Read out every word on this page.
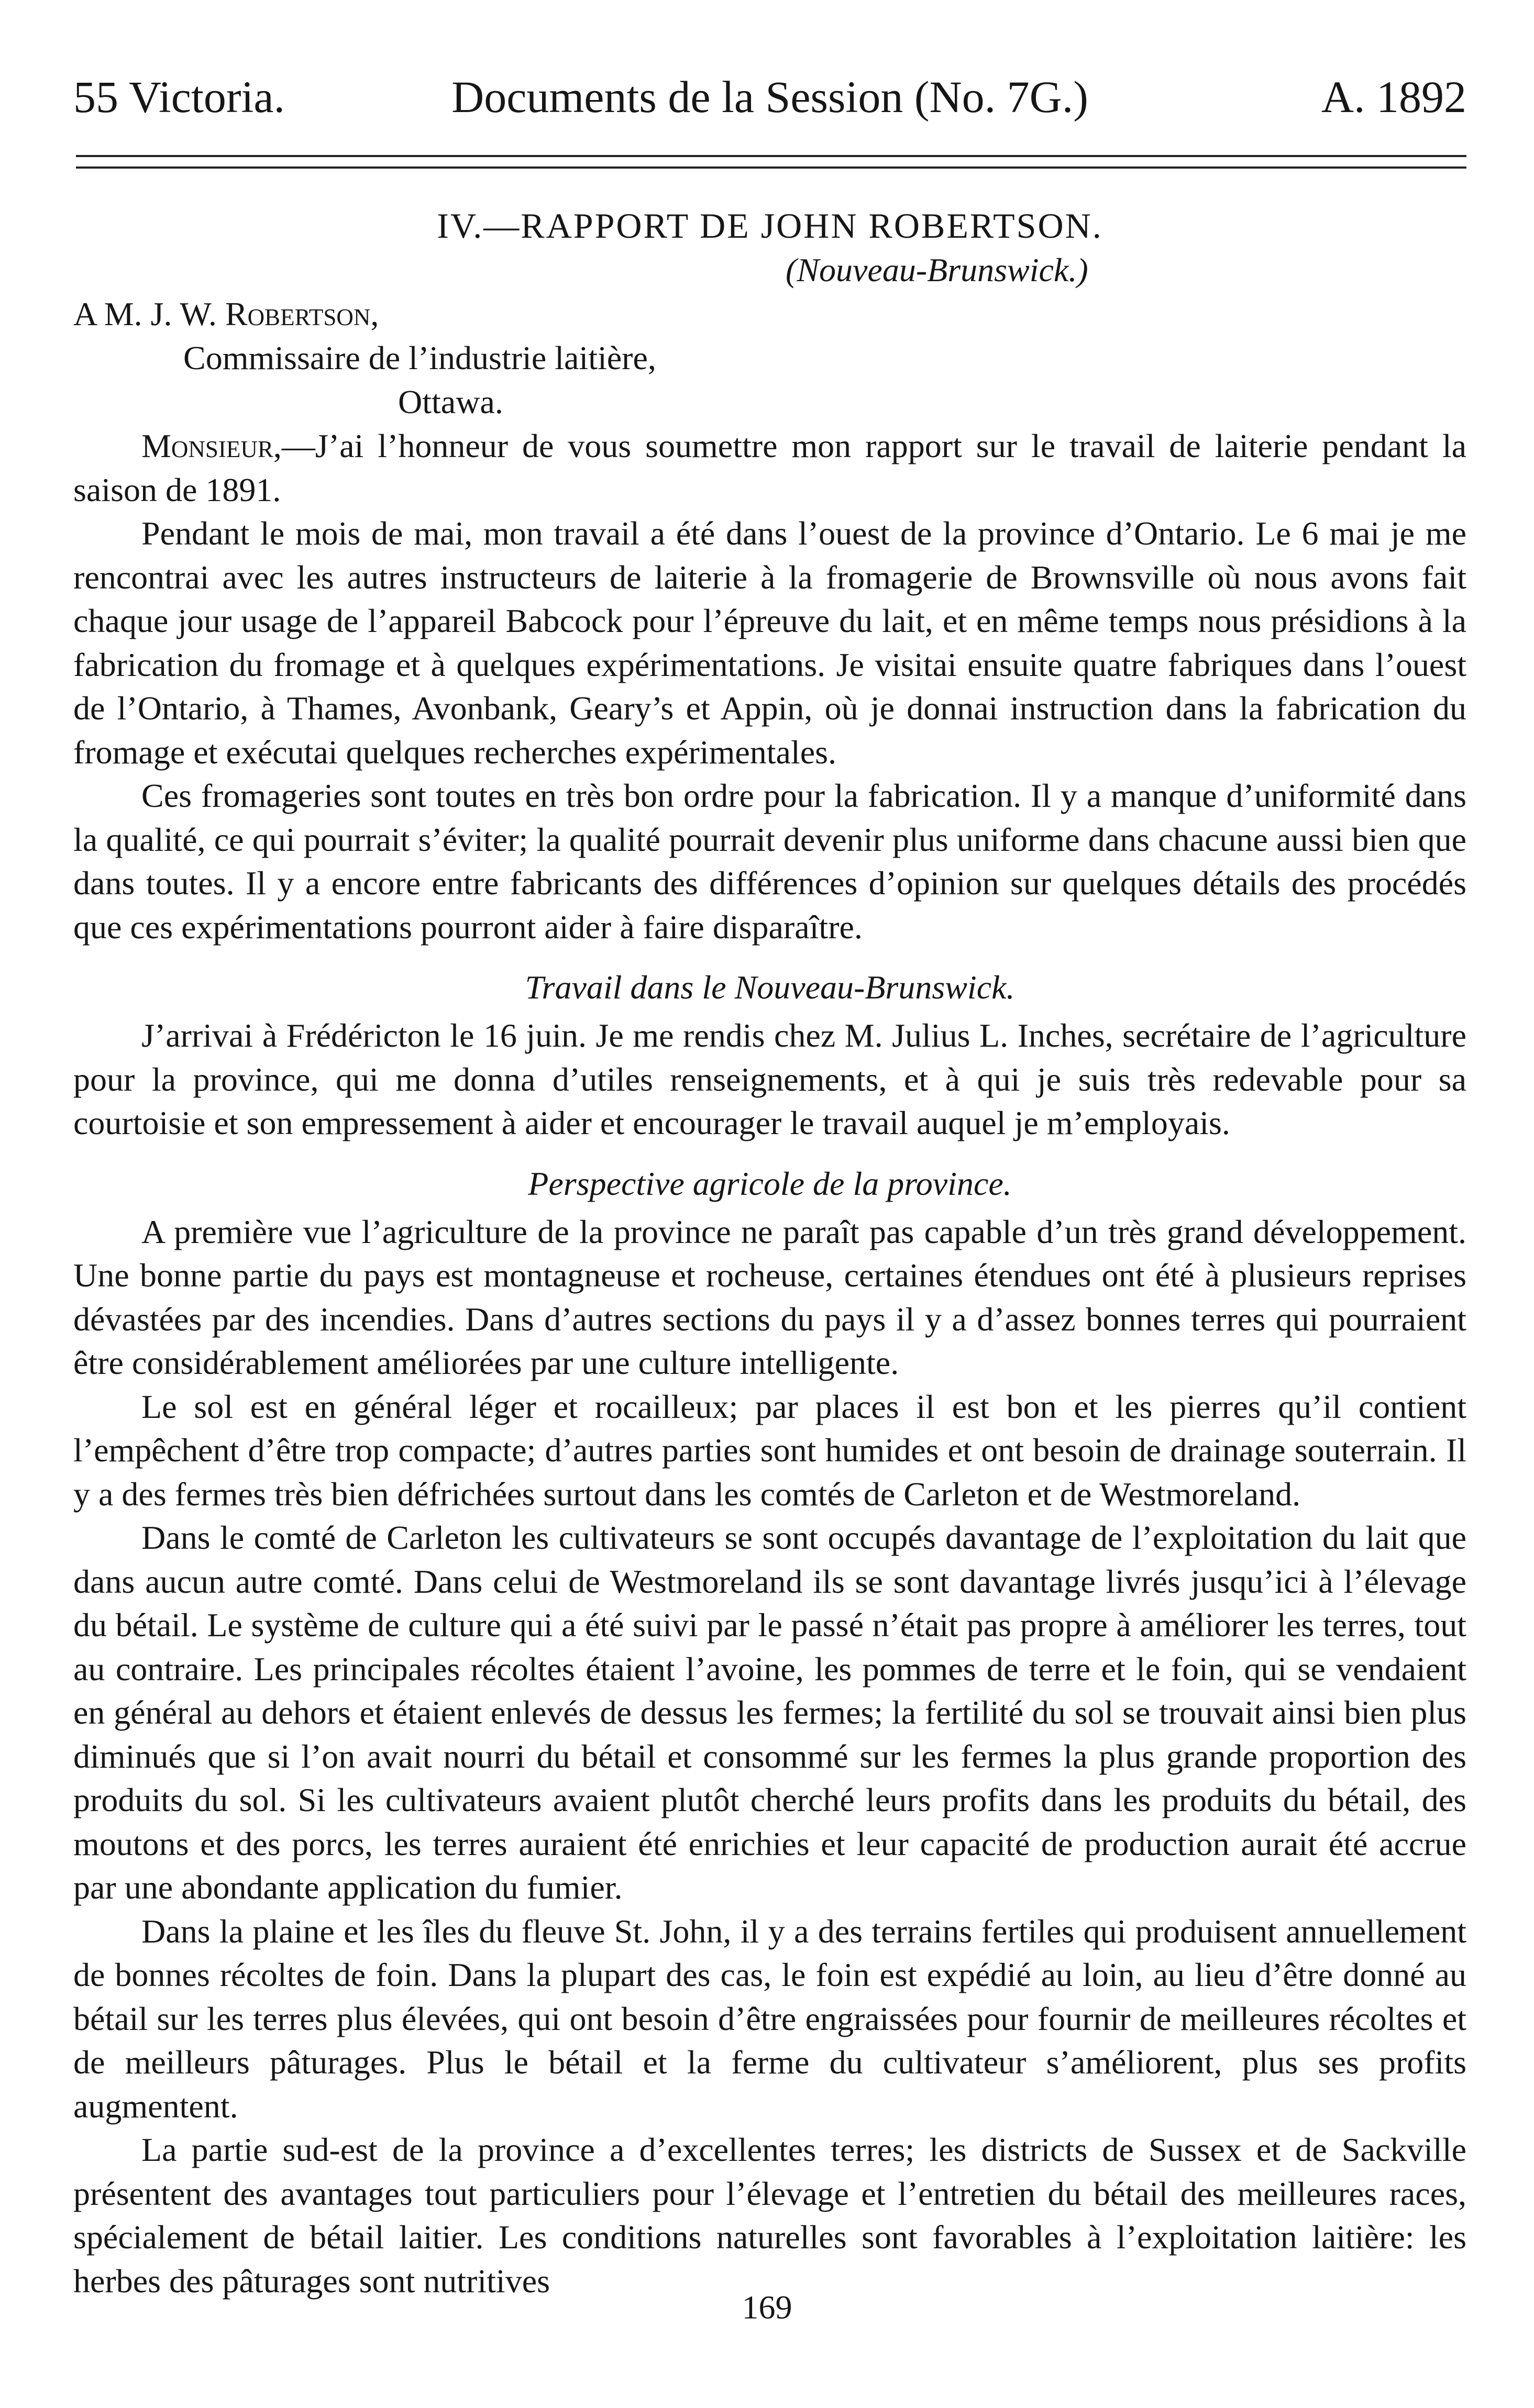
55 Victoria.	Documents de la Session (No. 7G.)	A. 1892
IV.—RAPPORT DE JOHN ROBERTSON.
(Nouveau-Brunswick.)
A M. J. W. Robertson,
Commissaire de l’industrie laitière,
Ottawa.

Monsieur,—J’ai l’honneur de vous soumettre mon rapport sur le travail de laiterie pendant la saison de 1891.

Pendant le mois de mai, mon travail a été dans l’ouest de la province d’Ontario. Le 6 mai je me rencontrai avec les autres instructeurs de laiterie à la fromagerie de Brownsville où nous avons fait chaque jour usage de l’appareil Babcock pour l’épreuve du lait, et en même temps nous présidions à la fabrication du fromage et à quelques expérimentations. Je visitai ensuite quatre fabriques dans l’ouest de l’Ontario, à Thames, Avonbank, Geary’s et Appin, où je donnai instruction dans la fabrication du fromage et exécutai quelques recherches expérimentales.

Ces fromageries sont toutes en très bon ordre pour la fabrication. Il y a manque d’uniformité dans la qualité, ce qui pourrait s’éviter; la qualité pourrait devenir plus uniforme dans chacune aussi bien que dans toutes. Il y a encore entre fabricants des différences d’opinion sur quelques détails des procédés que ces expérimentations pourront aider à faire disparaître.

Travail dans le Nouveau-Brunswick.

J’arrivai à Frédéricton le 16 juin. Je me rendis chez M. Julius L. Inches, secrétaire de l’agriculture pour la province, qui me donna d’utiles renseignements, et à qui je suis très redevable pour sa courtoisie et son empressement à aider et encourager le travail auquel je m’employais.

Perspective agricole de la province.

A première vue l’agriculture de la province ne paraît pas capable d’un très grand développement. Une bonne partie du pays est montagneuse et rocheuse, certaines étendues ont été à plusieurs reprises dévastées par des incendies. Dans d’autres sections du pays il y a d’assez bonnes terres qui pourraient être considérablement améliorées par une culture intelligente.

Le sol est en général léger et rocailleux; par places il est bon et les pierres qu’il contient l’empêchent d’être trop compacte; d’autres parties sont humides et ont besoin de drainage souterrain. Il y a des fermes très bien défrichées surtout dans les comtés de Carleton et de Westmoreland.

Dans le comté de Carleton les cultivateurs se sont occupés davantage de l’exploitation du lait que dans aucun autre comté. Dans celui de Westmoreland ils se sont davantage livrés jusqu’ici à l’élevage du bétail. Le système de culture qui a été suivi par le passé n’était pas propre à améliorer les terres, tout au contraire. Les principales récoltes étaient l’avoine, les pommes de terre et le foin, qui se vendaient en général au dehors et étaient enlevés de dessus les fermes; la fertilité du sol se trouvait ainsi bien plus diminués que si l’on avait nourri du bétail et consommé sur les fermes la plus grande proportion des produits du sol. Si les cultivateurs avaient plutôt cherché leurs profits dans les produits du bétail, des moutons et des porcs, les terres auraient été enrichies et leur capacité de production aurait été accrue par une abondante application du fumier.

Dans la plaine et les îles du fleuve St. John, il y a des terrains fertiles qui produisent annuellement de bonnes récoltes de foin. Dans la plupart des cas, le foin est expédié au loin, au lieu d’être donné au bétail sur les terres plus élevées, qui ont besoin d’être engraissées pour fournir de meilleures récoltes et de meilleurs pâturages. Plus le bétail et la ferme du cultivateur s’améliorent, plus ses profits augmentent.

La partie sud-est de la province a d’excellentes terres; les districts de Sussex et de Sackville présentent des avantages tout particuliers pour l’élevage et l’entretien du bétail des meilleures races, spécialement de bétail laitier. Les conditions naturelles sont favorables à l’exploitation laitière: les herbes des pâturages sont nutritives

169
